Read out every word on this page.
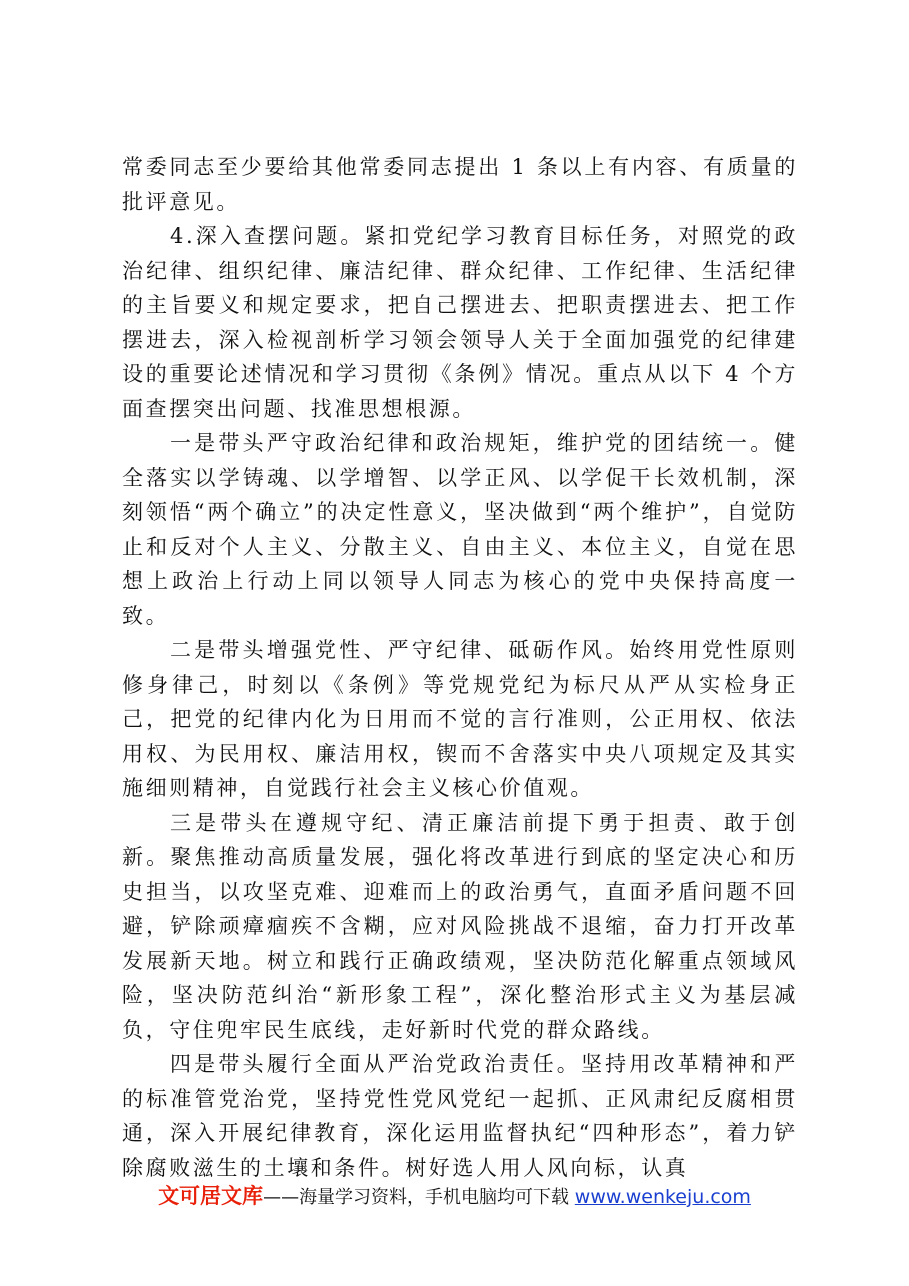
常委同志至少要给其他常委同志提出 1 条以上有内容、有质量的批评意见。

4.深入查摆问题。紧扣党纪学习教育目标任务，对照党的政治纪律、组织纪律、廉洁纪律、群众纪律、工作纪律、生活纪律的主旨要义和规定要求，把自己摆进去、把职责摆进去、把工作摆进去，深入检视剖析学习领会领导人关于全面加强党的纪律建设的重要论述情况和学习贯彻《条例》情况。重点从以下 4 个方面查摆突出问题、找准思想根源。

一是带头严守政治纪律和政治规矩，维护党的团结统一。健全落实以学铸魂、以学增智、以学正风、以学促干长效机制，深刻领悟“两个确立”的决定性意义，坚决做到“两个维护”，自觉防止和反对个人主义、分散主义、自由主义、本位主义，自觉在思想上政治上行动上同以领导人同志为核心的党中央保持高度一致。

二是带头增强党性、严守纪律、砥砺作风。始终用党性原则修身律己，时刻以《条例》等党规党纪为标尺从严从实检身正己，把党的纪律内化为日用而不觉的言行准则，公正用权、依法用权、为民用权、廉洁用权，锲而不舍落实中央八项规定及其实施细则精神，自觉践行社会主义核心价值观。

三是带头在遵规守纪、清正廉洁前提下勇于担责、敢于创新。聚焦推动高质量发展，强化将改革进行到底的坚定决心和历史担当，以攻坚克难、迎难而上的政治勇气，直面矛盾问题不回避，铲除顽瘴痼疾不含糊，应对风险挑战不退缩，奋力打开改革发展新天地。树立和践行正确政绩观，坚决防范化解重点领域风险，坚决防范纠治“新形象工程”，深化整治形式主义为基层减负，守住兜牢民生底线，走好新时代党的群众路线。

四是带头履行全面从严治党政治责任。坚持用改革精神和严的标准管党治党，坚持党性党风党纪一起抓、正风肃纪反腐相贯通，深入开展纪律教育，深化运用监督执纪“四种形态”，着力铲除腐败滋生的土壤和条件。树好选人用人风向标，认真

文可居文库——海量学习资料，手机电脑均可下载 www.wenkeju.com
